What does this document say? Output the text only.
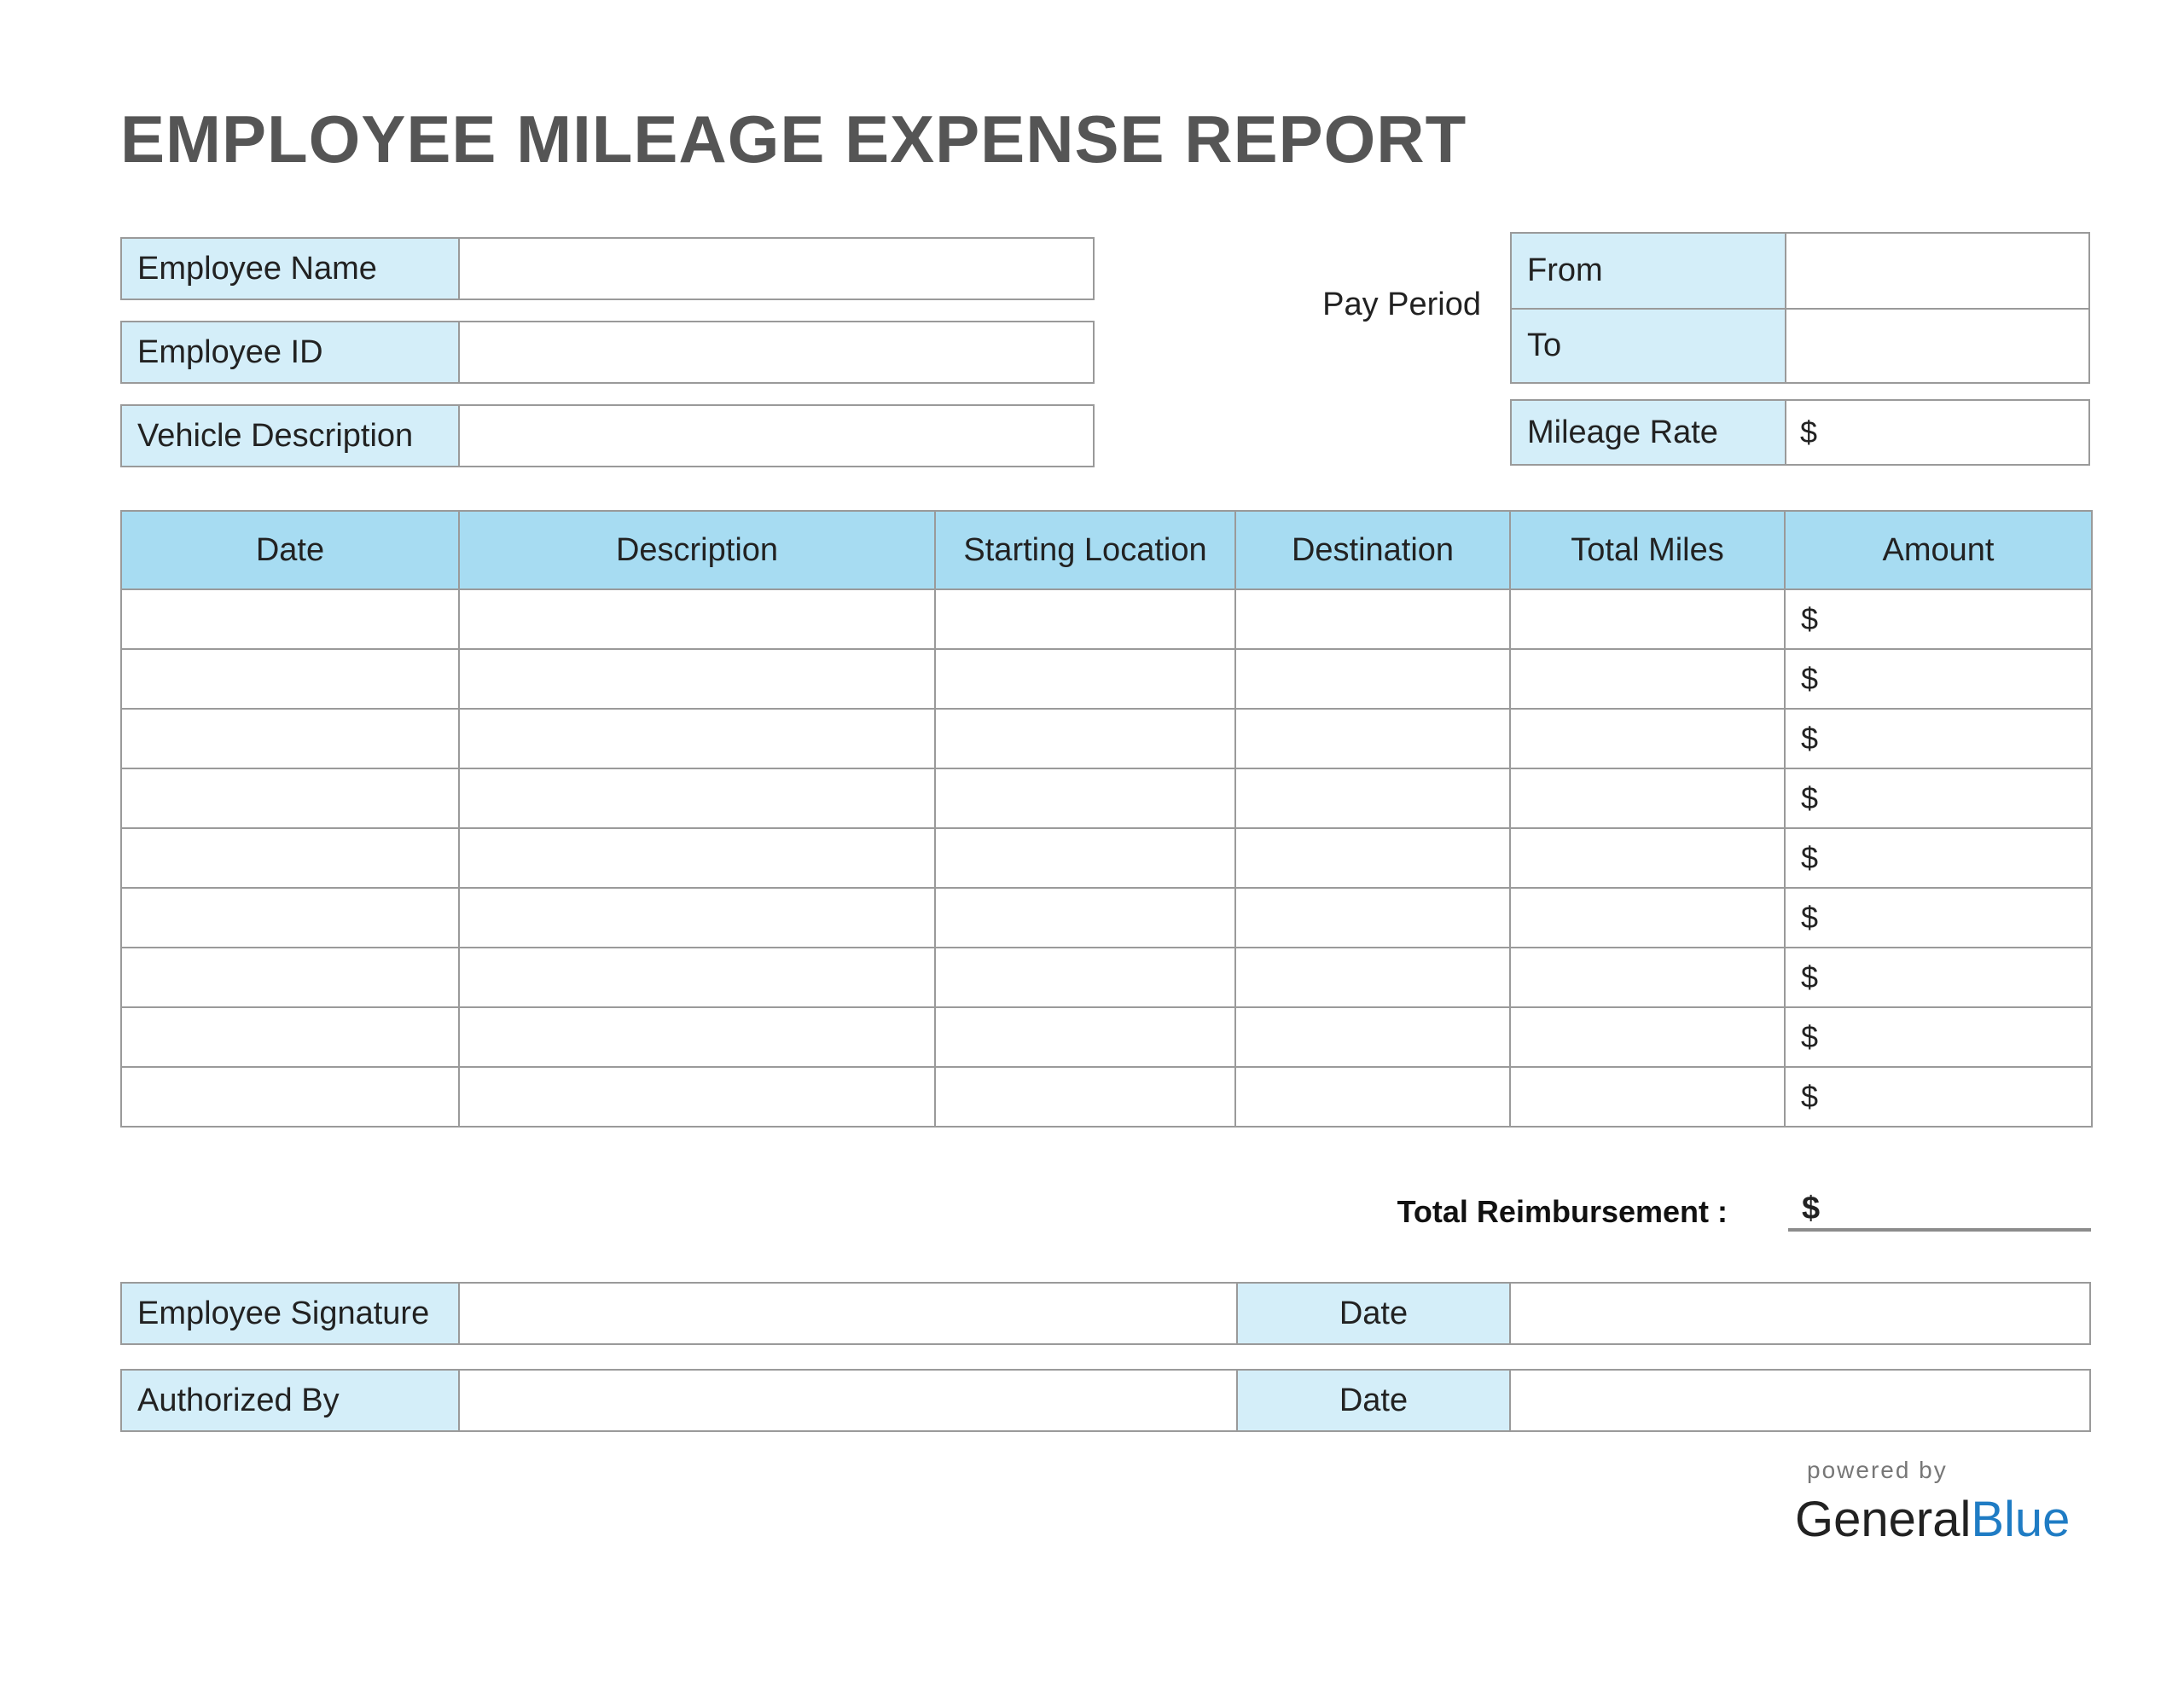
EMPLOYEE MILEAGE EXPENSE REPORT
Employee Name
Employee ID
Vehicle Description
Pay Period
From
To
Mileage Rate	$
Date	Description	Starting Location	Destination	Total Miles	Amount
					$
					$
					$
					$
					$
					$
					$
					$
					$
Total Reimbursement :	$
Employee Signature	Date
Authorized By	Date
powered by
GeneralBlue
